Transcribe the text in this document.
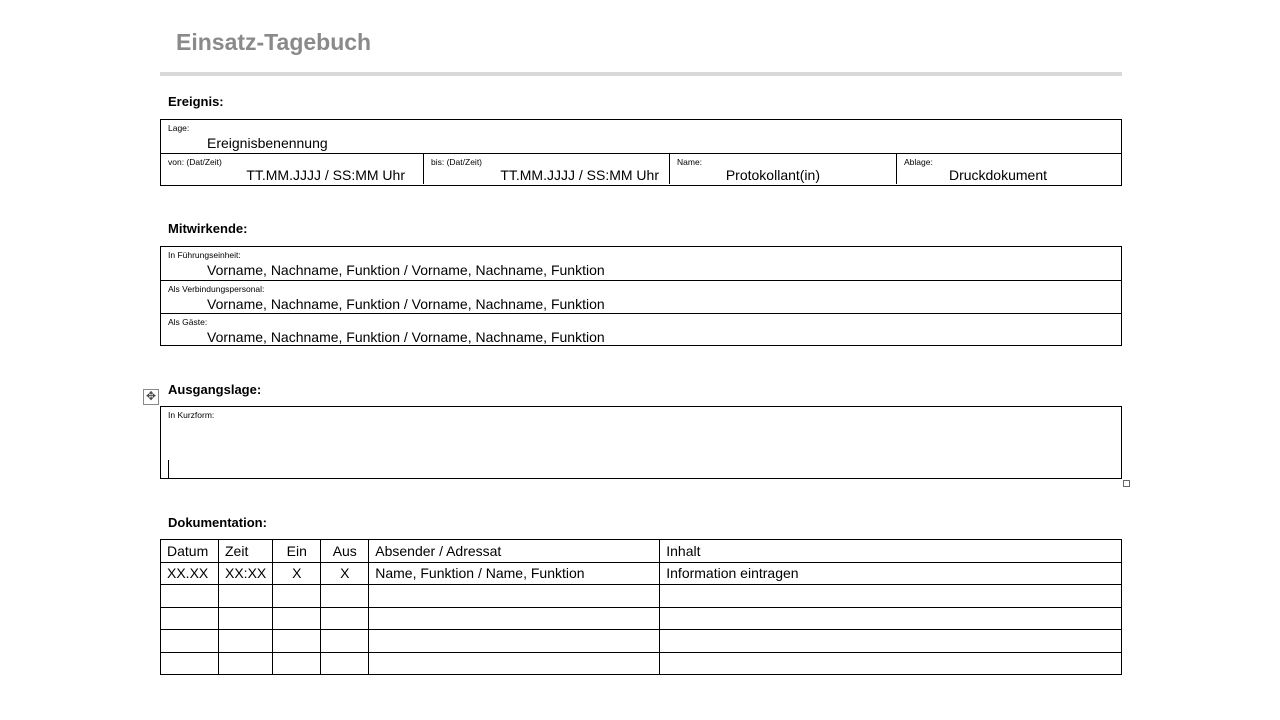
Einsatz-Tagebuch
Ereignis:
Lage:
Ereignisbenennung
von: (Dat/Zeit)
TT.MM.JJJJ / SS:MM Uhr
bis: (Dat/Zeit)
TT.MM.JJJJ / SS:MM Uhr
Name:
Protokollant(in)
Ablage:
Druckdokument
Mitwirkende:
In Führungseinheit:
Vorname, Nachname, Funktion / Vorname, Nachname, Funktion
Als Verbindungspersonal:
Vorname, Nachname, Funktion / Vorname, Nachname, Funktion
Als Gäste:
Vorname, Nachname, Funktion / Vorname, Nachname, Funktion
✥ Ausgangslage:
In Kurzform:
Dokumentation:
Datum	Zeit	Ein	Aus	Absender / Adressat	Inhalt
XX.XX	XX:XX	X	X	Name, Funktion / Name, Funktion	Information eintragen
